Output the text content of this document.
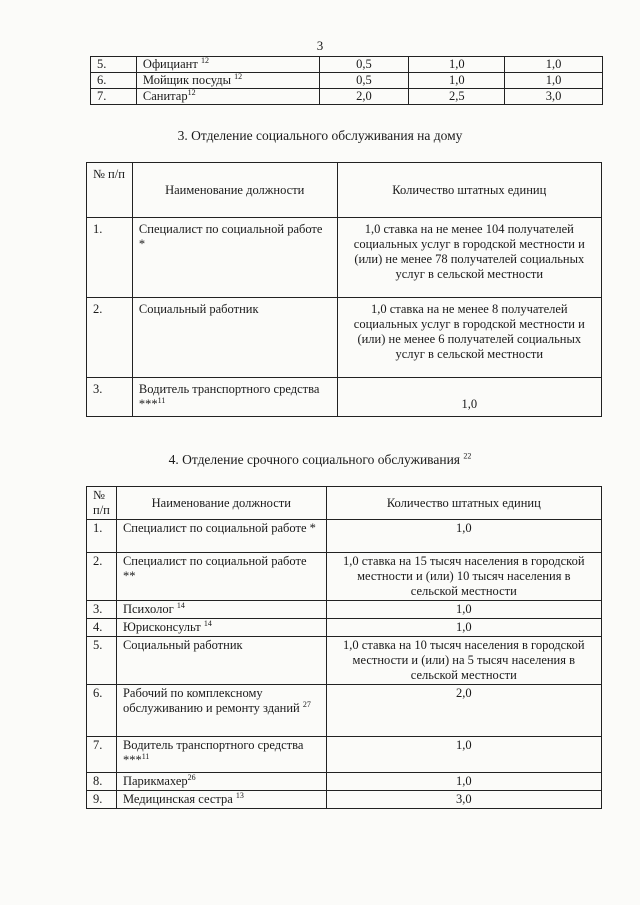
3
5.	Официант $^{12}$	0,5	1,0	1,0
6.	Мойщик посуды $^{12}$	0,5	1,0	1,0
7.	Санитар$^{12}$	2,0	2,5	3,0
3. Отделение социального обслуживания на дому
№ п/п	Наименование должности	Количество штатных единиц
1.	Специалист по социальной работе *	1,0 ставка на не менее 104 получателей социальных услуг в городской местности и (или) не менее 78 получателей социальных услуг в сельской местности
2.	Социальный работник	1,0 ставка на не менее 8 получателей социальных услуг в городской местности и (или) не менее 6 получателей социальных услуг в сельской местности
3.	Водитель транспортного средства ***$^{11}$	1,0
4. Отделение срочного социального обслуживания $^{22}$
№ п/п	Наименование должности	Количество штатных единиц
1.	Специалист по социальной работе *	1,0
2.	Специалист по социальной работе **	1,0 ставка на 15 тысяч населения в городской местности и (или) 10 тысяч населения в сельской местности
3.	Психолог $^{14}$	1,0
4.	Юрисконсульт $^{14}$	1,0
5.	Социальный работник	1,0 ставка на 10 тысяч населения в городской местности и (или) на 5 тысяч населения в сельской местности
6.	Рабочий по комплексному обслуживанию и ремонту зданий $^{27}$	2,0
7.	Водитель транспортного средства ***$^{11}$	1,0
8.	Парикмахер$^{26}$	1,0
9.	Медицинская сестра $^{13}$	3,0
